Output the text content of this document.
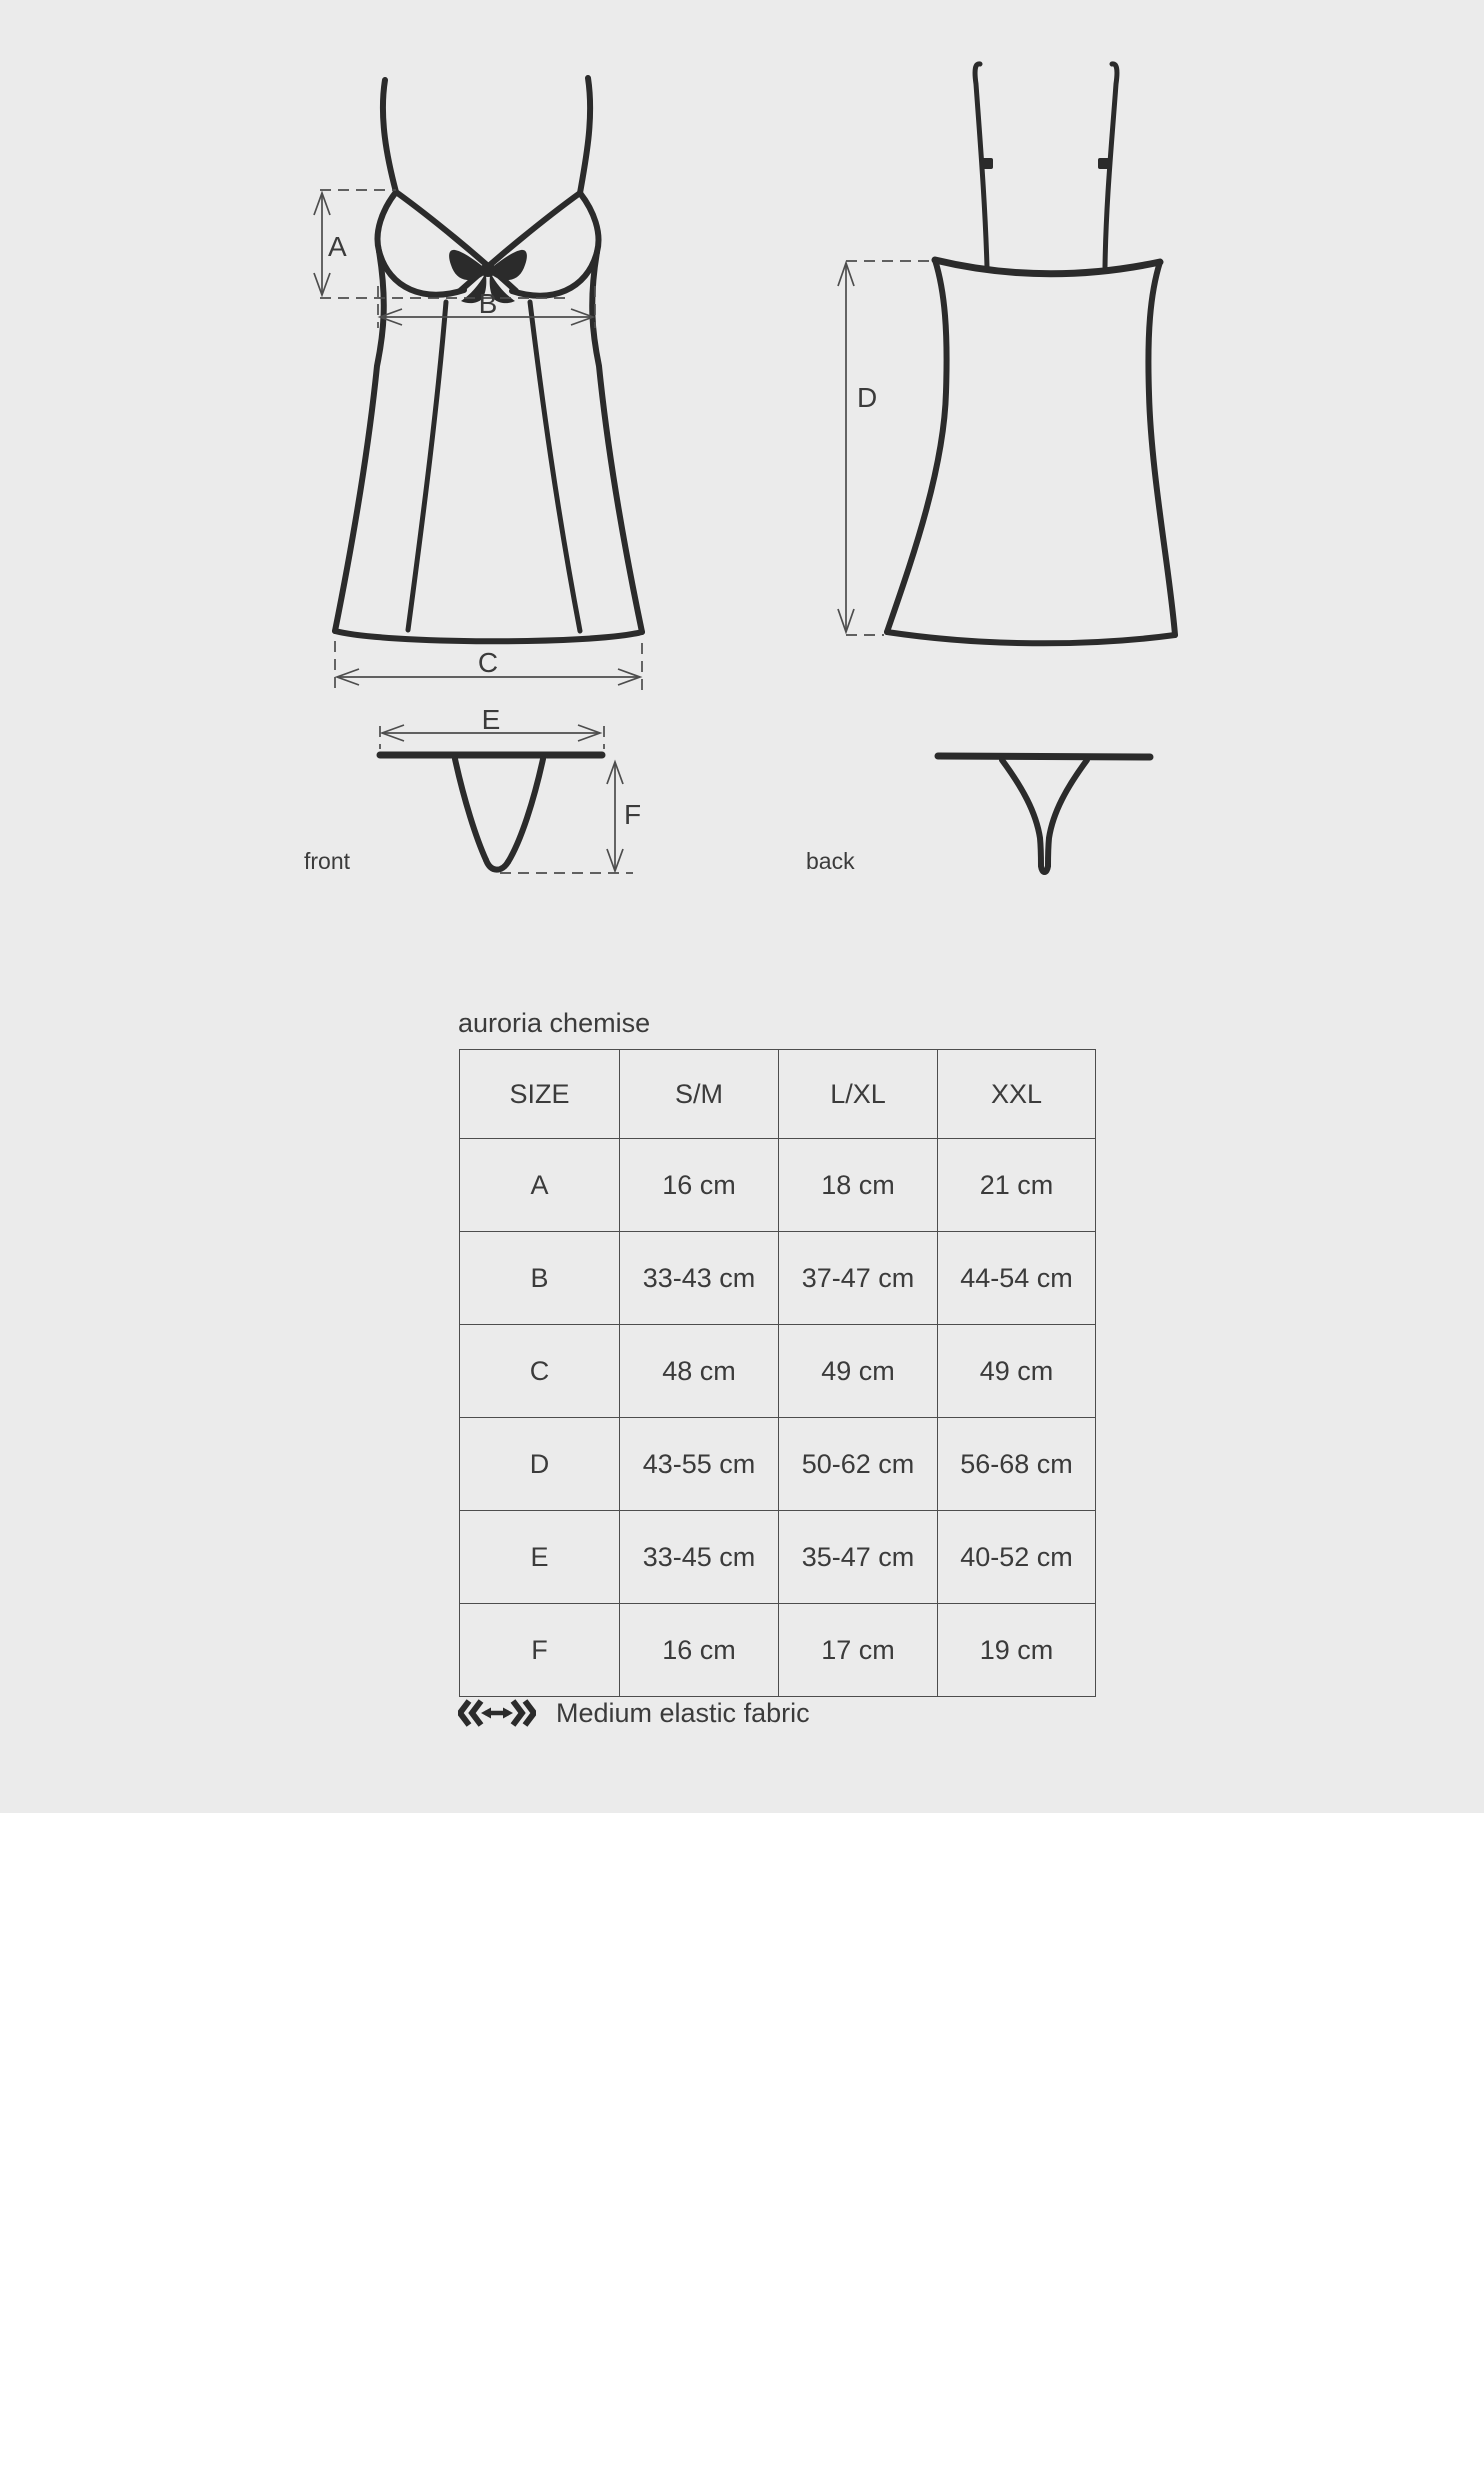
A
B
C
D
E
F
front	back
auroria chemise
SIZE	S/M	L/XL	XXL
A	16 cm	18 cm	21 cm
B	33-43 cm	37-47 cm	44-54 cm
C	48 cm	49 cm	49 cm
D	43-55 cm	50-62 cm	56-68 cm
E	33-45 cm	35-47 cm	40-52 cm
F	16 cm	17 cm	19 cm
Medium elastic fabric
